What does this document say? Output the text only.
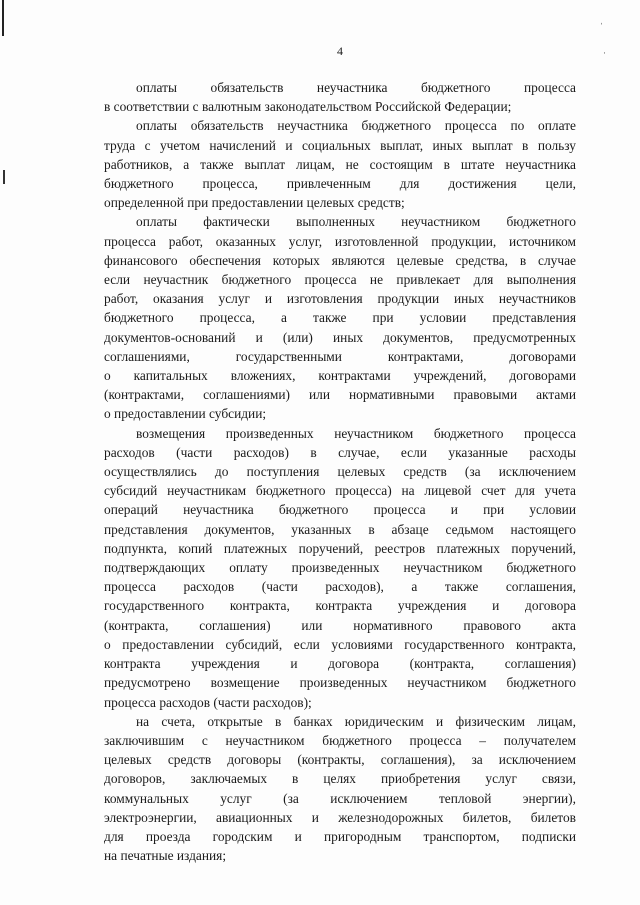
ˈ
·
4
оплаты обязательств неучастника бюджетного процесса
в соответствии с валютным законодательством Российской Федерации;
оплаты обязательств неучастника бюджетного процесса по оплате
труда с учетом начислений и социальных выплат, иных выплат в пользу
работников, а также выплат лицам, не состоящим в штате неучастника
бюджетного процесса, привлеченным для достижения цели,
определенной при предоставлении целевых средств;
оплаты фактически выполненных неучастником бюджетного
процесса работ, оказанных услуг, изготовленной продукции, источником
финансового обеспечения которых являются целевые средства, в случае
если неучастник бюджетного процесса не привлекает для выполнения
работ, оказания услуг и изготовления продукции иных неучастников
бюджетного процесса, а также при условии представления
документов-оснований и (или) иных документов, предусмотренных
соглашениями, государственными контрактами, договорами
о капитальных вложениях, контрактами учреждений, договорами
(контрактами, соглашениями) или нормативными правовыми актами
о предоставлении субсидии;
возмещения произведенных неучастником бюджетного процесса
расходов (части расходов) в случае, если указанные расходы
осуществлялись до поступления целевых средств (за исключением
субсидий неучастникам бюджетного процесса) на лицевой счет для учета
операций неучастника бюджетного процесса и при условии
представления документов, указанных в абзаце седьмом настоящего
подпункта, копий платежных поручений, реестров платежных поручений,
подтверждающих оплату произведенных неучастником бюджетного
процесса расходов (части расходов), а также соглашения,
государственного контракта, контракта учреждения и договора
(контракта, соглашения) или нормативного правового акта
о предоставлении субсидий, если условиями государственного контракта,
контракта учреждения и договора (контракта, соглашения)
предусмотрено возмещение произведенных неучастником бюджетного
процесса расходов (части расходов);
на счета, открытые в банках юридическим и физическим лицам,
заключившим с неучастником бюджетного процесса – получателем
целевых средств договоры (контракты, соглашения), за исключением
договоров, заключаемых в целях приобретения услуг связи,
коммунальных услуг (за исключением тепловой энергии),
электроэнергии, авиационных и железнодорожных билетов, билетов
для проезда городским и пригородным транспортом, подписки
на печатные издания;
